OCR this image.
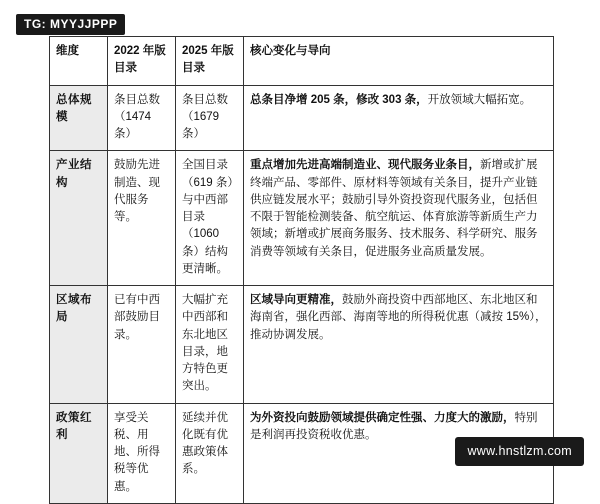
TG: MYYJJPPP
维度	2022 年版目录	2025 年版目录	核心变化与导向
总体规模	条目总数（1474 条）	条目总数（1679 条）	总条目净增 205 条，修改 303 条，开放领域大幅拓宽。
产业结构	鼓励先进制造、现代服务等。	全国目录（619 条）与中西部目录（1060 条）结构更清晰。	重点增加先进高端制造业、现代服务业条目，新增或扩展终端产品、零部件、原材料等领域有关条目，提升产业链供应链发展水平；鼓励引导外资投资现代服务业，包括但不限于智能检测装备、航空航运、体育旅游等新质生产力领域；新增或扩展商务服务、技术服务、科学研究、服务消费等领域有关条目，促进服务业高质量发展。
区域布局	已有中西部鼓励目录。	大幅扩充中西部和东北地区目录，地方特色更突出。	区域导向更精准，鼓励外商投资中西部地区、东北地区和海南省，强化西部、海南等地的所得税优惠（减按 15%），推动协调发展。
政策红利	享受关税、用地、所得税等优惠。	延续并优化既有优惠政策体系。	为外资投向鼓励领域提供确定性强、力度大的激励，特别是利润再投资税收优惠。
www.hnstlzm.com
